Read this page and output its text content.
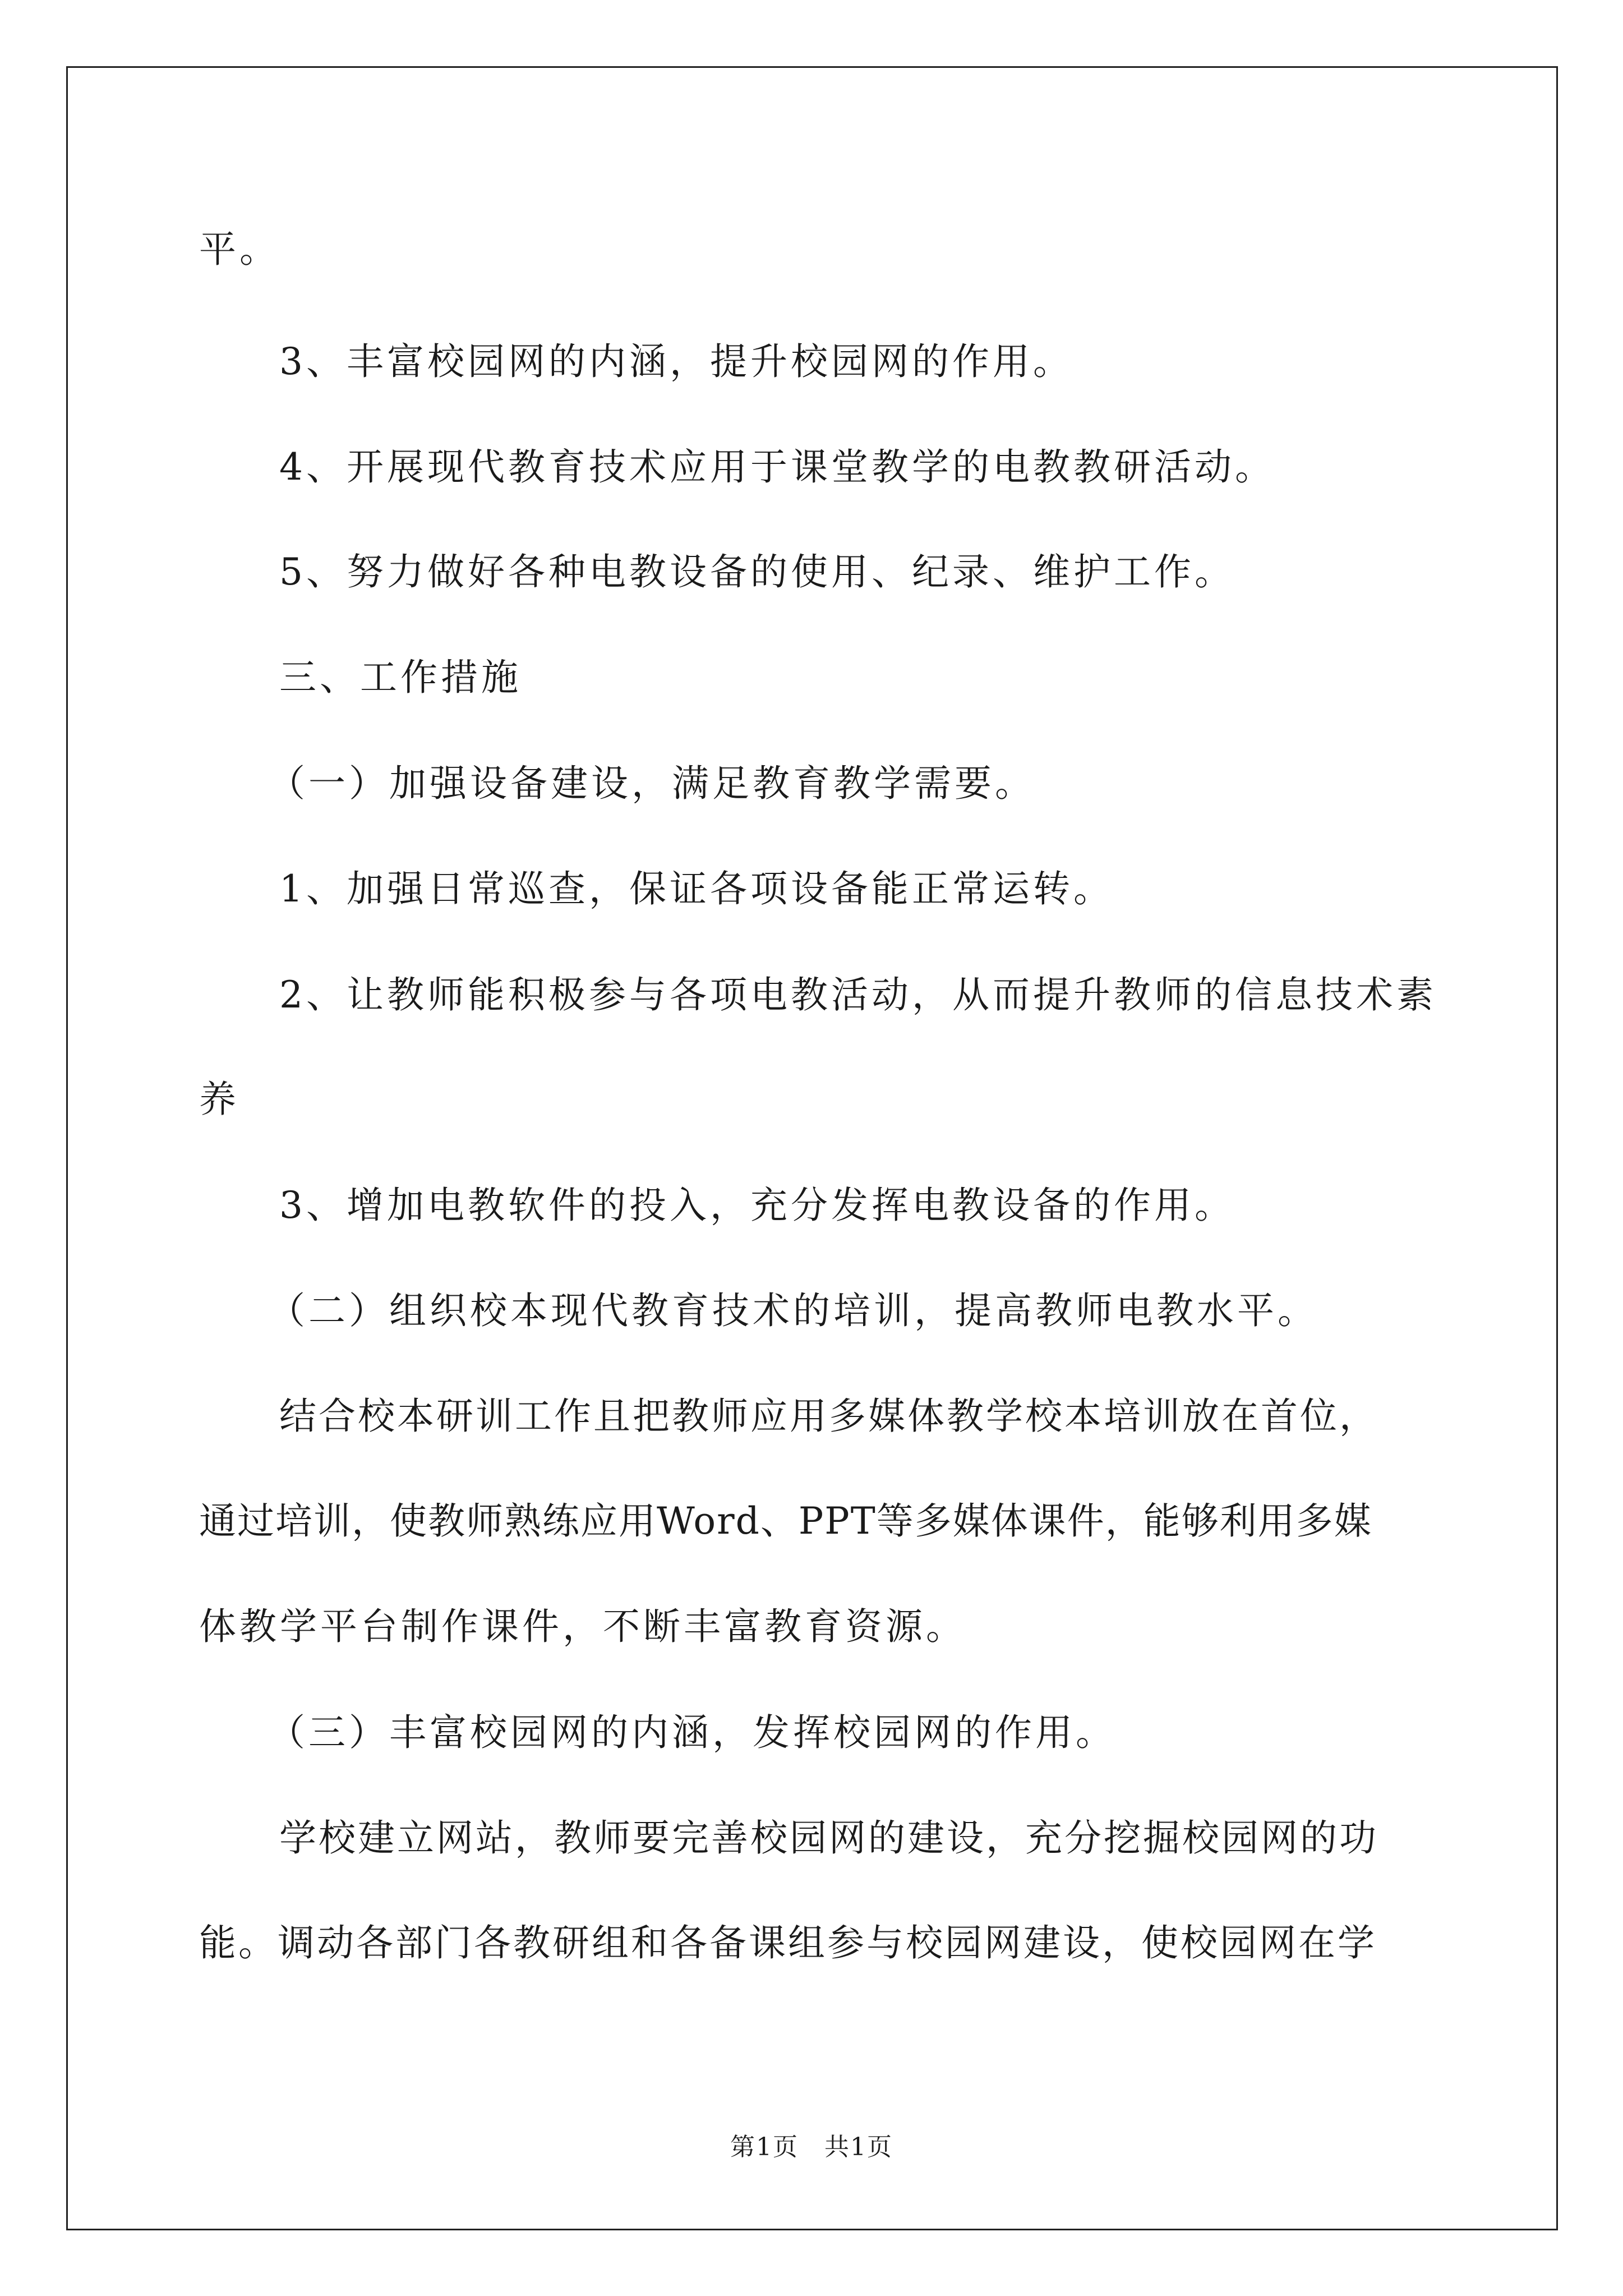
平。
3、丰富校园网的内涵，提升校园网的作用。
4、开展现代教育技术应用于课堂教学的电教教研活动。
5、努力做好各种电教设备的使用、纪录、维护工作。
三、工作措施
（一）加强设备建设，满足教育教学需要。
1、加强日常巡查，保证各项设备能正常运转。
2、让教师能积极参与各项电教活动，从而提升教师的信息技术素
养
3、增加电教软件的投入，充分发挥电教设备的作用。
（二）组织校本现代教育技术的培训，提高教师电教水平。
结合校本研训工作且把教师应用多媒体教学校本培训放在首位，
通过培训，使教师熟练应用Word、PPT等多媒体课件，能够利用多媒
体教学平台制作课件，不断丰富教育资源。
（三）丰富校园网的内涵，发挥校园网的作用。
学校建立网站，教师要完善校园网的建设，充分挖掘校园网的功
能。调动各部门各教研组和各备课组参与校园网建设，使校园网在学
第1页　共1页
